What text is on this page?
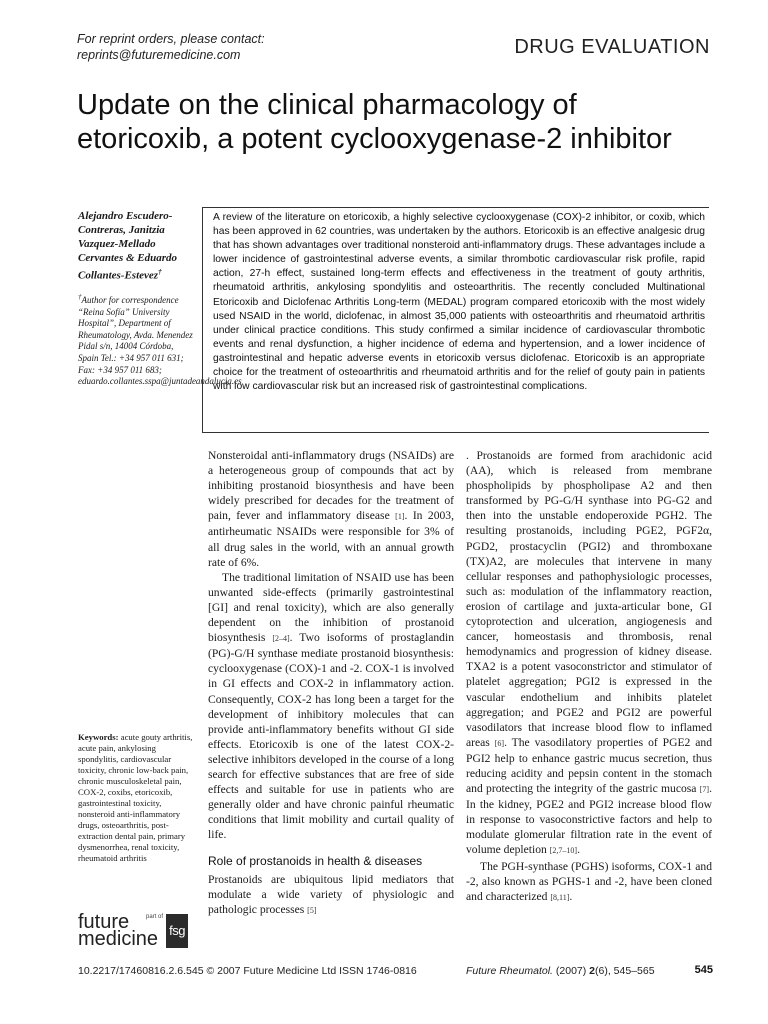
For reprint orders, please contact:
reprints@futuremedicine.com	DRUG EVALUATION
Update on the clinical pharmacology of etoricoxib, a potent cyclooxygenase-2 inhibitor
Alejandro Escudero-Contreras, Janitzia Vazquez-Mellado Cervantes & Eduardo Collantes-Estevez†
†Author for correspondence “Reina Sofía” University Hospital”, Department of Rheumatology, Avda. Menendez Pidal s/n, 14004 Córdoba, Spain Tel.: +34 957 011 631; Fax: +34 957 011 683; eduardo.collantes.sspa@juntadeandalucia.es
A review of the literature on etoricoxib, a highly selective cyclooxygenase (COX)-2 inhibitor, or coxib, which has been approved in 62 countries, was undertaken by the authors. Etoricoxib is an effective analgesic drug that has shown advantages over traditional nonsteroid anti-inflammatory drugs. These advantages include a lower incidence of gastrointestinal adverse events, a similar thrombotic cardiovascular risk profile, rapid action, 27-h effect, sustained long-term effects and effectiveness in the treatment of gouty arthritis, rheumatoid arthritis, ankylosing spondylitis and osteoarthritis. The recently concluded Multinational Etoricoxib and Diclofenac Arthritis Long-term (MEDAL) program compared etoricoxib with the most widely used NSAID in the world, diclofenac, in almost 35,000 patients with osteoarthritis and rheumatoid arthritis under clinical practice conditions. This study confirmed a similar incidence of cardiovascular thrombotic events and renal dysfunction, a higher incidence of edema and hypertension, and a lower incidence of gastrointestinal and hepatic adverse events in etoricoxib versus diclofenac. Etoricoxib is an appropriate choice for the treatment of osteoarthritis and rheumatoid arthritis and for the relief of gouty pain in patients with low cardiovascular risk but an increased risk of gastrointestinal complications.

Nonsteroidal anti-inflammatory drugs (NSAIDs) are a heterogeneous group of compounds that act by inhibiting prostanoid biosynthesis and have been widely prescribed for decades for the treatment of pain, fever and inflammatory disease [1]. In 2003, antirheumatic NSAIDs were responsible for 3% of all drug sales in the world, with an annual growth rate of 6%.

The traditional limitation of NSAID use has been unwanted side-effects (primarily gastrointestinal [GI] and renal toxicity), which are also generally dependent on the inhibition of prostanoid biosynthesis [2–4]. Two isoforms of prostaglandin (PG)-G/H synthase mediate prostanoid biosynthesis: cyclooxygenase (COX)-1 and -2. COX-1 is involved in GI effects and COX-2 in inflammatory action. Consequently, COX-2 has long been a target for the development of inhibitory molecules that can provide anti-inflammatory benefits without GI side effects. Etoricoxib is one of the latest COX-2-selective inhibitors developed in the course of a long search for effective substances that are free of side effects and suitable for use in patients who are generally older and have chronic painful rheumatic conditions that limit mobility and curtail quality of life.

Role of prostanoids in health & diseases

Prostanoids are ubiquitous lipid mediators that modulate a wide variety of physiologic and pathologic processes [5]

Keywords: acute gouty arthritis, acute pain, ankylosing spondylitis, cardiovascular toxicity, chronic low-back pain, chronic musculoskeletal pain, COX-2, coxibs, etoricoxib, gastrointestinal toxicity, nonsteroid anti-inflammatory drugs, osteoarthritis, post-extraction dental pain, primary dysmenorrhea, renal toxicity, rheumatoid arthritis
future
medicine
part of
fsg
10.2217/17460816.2.6.545 © 2007 Future Medicine Ltd ISSN 1746-0816	Future Rheumatol. (2007) 2(6), 545–565	545

. Prostanoids are formed from arachidonic acid (AA), which is released from membrane phospholipids by phospholipase A2 and then transformed by PG-G/H synthase into PG-G2 and then into the unstable endoperoxide PGH2. The resulting prostanoids, including PGE2, PGF2α, PGD2, prostacyclin (PGI2) and thromboxane (TX)A2, are molecules that intervene in many cellular responses and pathophysiologic processes, such as: modulation of the inflammatory reaction, erosion of cartilage and juxta-articular bone, GI cytoprotection and ulceration, angiogenesis and cancer, homeostasis and thrombosis, renal hemodynamics and progression of kidney disease. TXA2 is a potent vasoconstrictor and stimulator of platelet aggregation; PGI2 is expressed in the vascular endothelium and inhibits platelet aggregation; and PGE2 and PGI2 are powerful vasodilators that increase blood flow to inflamed areas [6]. The vasodilatory properties of PGE2 and PGI2 help to enhance gastric mucus secretion, thus reducing acidity and pepsin content in the stomach and protecting the integrity of the gastric mucosa [7]. In the kidney, PGE2 and PGI2 increase blood flow in response to vasoconstrictive factors and help to modulate glomerular filtration rate in the event of volume depletion [2,7–10].

The PGH-synthase (PGHS) isoforms, COX-1 and -2, also known as PGHS-1 and -2, have been cloned and characterized [8,11].
